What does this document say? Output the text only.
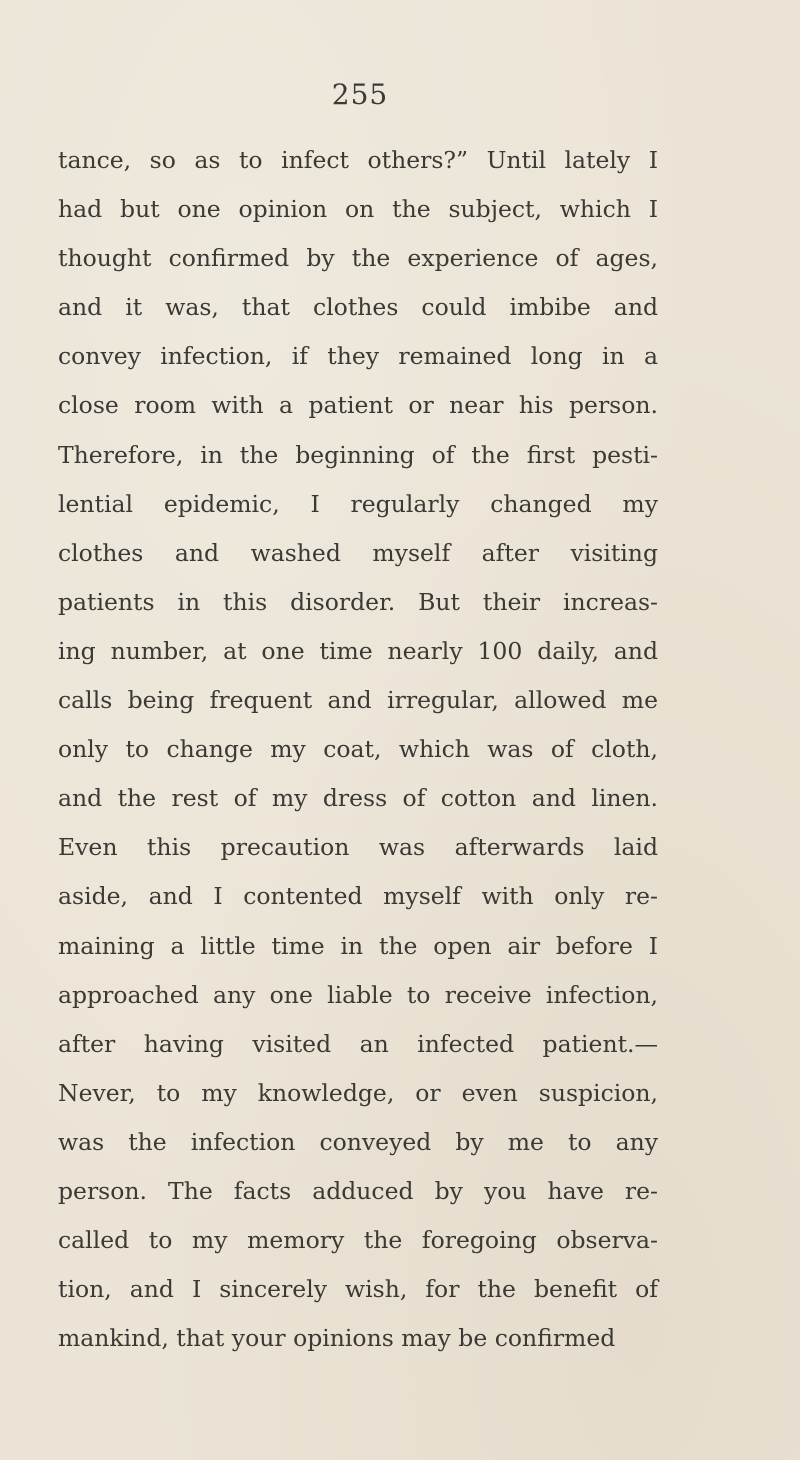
255
tance, so as to infect others?” Until lately I
had but one opinion on the subject, which I
thought confirmed by the experience of ages,
and it was, that clothes could imbibe and
convey infection, if they remained long in a
close room with a patient or near his person.
Therefore, in the beginning of the first pesti-
lential epidemic, I regularly changed my
clothes and washed myself after visiting
patients in this disorder. But their increas-
ing number, at one time nearly 100 daily, and
calls being frequent and irregular, allowed me
only to change my coat, which was of cloth,
and the rest of my dress of cotton and linen.
Even this precaution was afterwards laid
aside, and I contented myself with only re-
maining a little time in the open air before I
approached any one liable to receive infection,
after having visited an infected patient.—
Never, to my knowledge, or even suspicion,
was the infection conveyed by me to any
person. The facts adduced by you have re-
called to my memory the foregoing observa-
tion, and I sincerely wish, for the benefit of
mankind, that your opinions may be confirmed
